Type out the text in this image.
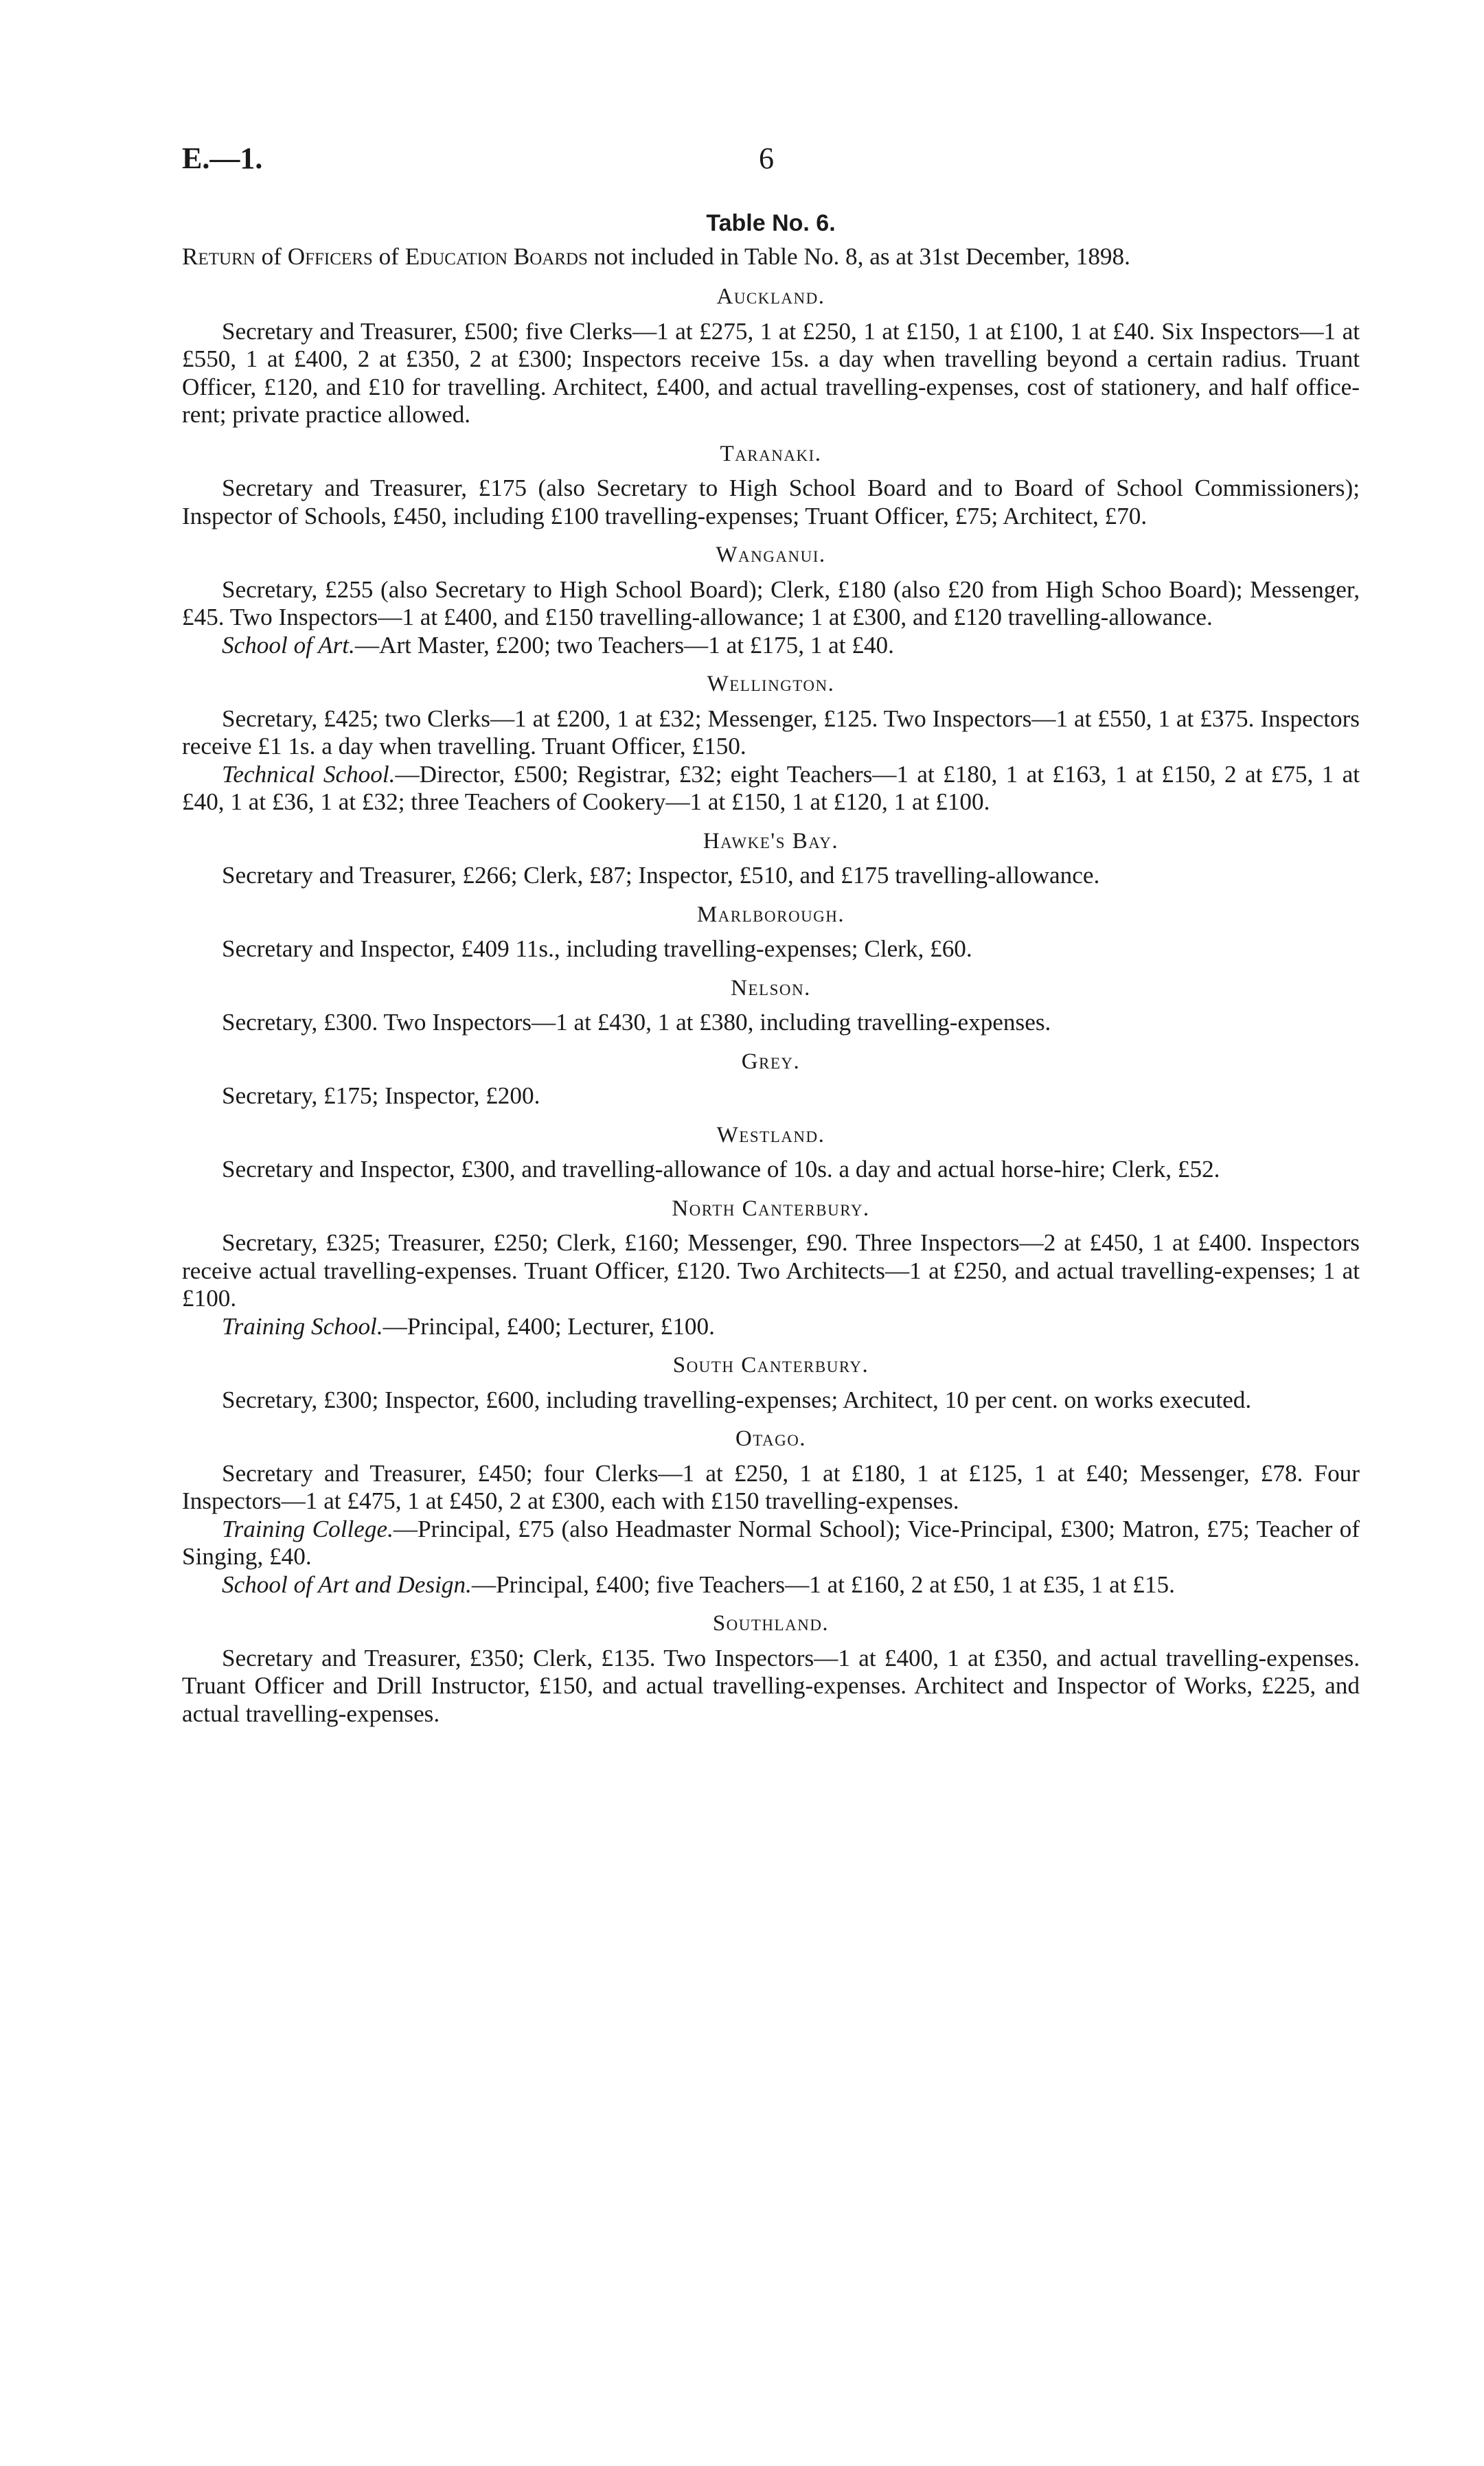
E.—1.	6
Table No. 6.
Return of Officers of Education Boards not included in Table No. 8, as at 31st December, 1898.
Auckland.

Secretary and Treasurer, £500; five Clerks—1 at £275, 1 at £250, 1 at £150, 1 at £100, 1 at £40. Six Inspectors—1 at £550, 1 at £400, 2 at £350, 2 at £300; Inspectors receive 15s. a day when travelling beyond a certain radius. Truant Officer, £120, and £10 for travelling. Architect, £400, and actual travelling-expenses, cost of stationery, and half office-rent; private practice allowed.

Taranaki.

Secretary and Treasurer, £175 (also Secretary to High School Board and to Board of School Commissioners); Inspector of Schools, £450, including £100 travelling-expenses; Truant Officer, £75; Architect, £70.

Wanganui.

Secretary, £255 (also Secretary to High School Board); Clerk, £180 (also £20 from High Schoo Board); Messenger, £45. Two Inspectors—1 at £400, and £150 travelling-allowance; 1 at £300, and £120 travelling-allowance.

School of Art.—Art Master, £200; two Teachers—1 at £175, 1 at £40.

Wellington.

Secretary, £425; two Clerks—1 at £200, 1 at £32; Messenger, £125. Two Inspectors—1 at £550, 1 at £375. Inspectors receive £1 1s. a day when travelling. Truant Officer, £150.

Technical School.—Director, £500; Registrar, £32; eight Teachers—1 at £180, 1 at £163, 1 at £150, 2 at £75, 1 at £40, 1 at £36, 1 at £32; three Teachers of Cookery—1 at £150, 1 at £120, 1 at £100.

Hawke's Bay.

Secretary and Treasurer, £266; Clerk, £87; Inspector, £510, and £175 travelling-allowance.

Marlborough.

Secretary and Inspector, £409 11s., including travelling-expenses; Clerk, £60.

Nelson.

Secretary, £300. Two Inspectors—1 at £430, 1 at £380, including travelling-expenses.

Grey.

Secretary, £175; Inspector, £200.

Westland.

Secretary and Inspector, £300, and travelling-allowance of 10s. a day and actual horse-hire; Clerk, £52.

North Canterbury.

Secretary, £325; Treasurer, £250; Clerk, £160; Messenger, £90. Three Inspectors—2 at £450, 1 at £400. Inspectors receive actual travelling-expenses. Truant Officer, £120. Two Architects—1 at £250, and actual travelling-expenses; 1 at £100.

Training School.—Principal, £400; Lecturer, £100.

South Canterbury.

Secretary, £300; Inspector, £600, including travelling-expenses; Architect, 10 per cent. on works executed.

Otago.

Secretary and Treasurer, £450; four Clerks—1 at £250, 1 at £180, 1 at £125, 1 at £40; Messenger, £78. Four Inspectors—1 at £475, 1 at £450, 2 at £300, each with £150 travelling-expenses.

Training College.—Principal, £75 (also Headmaster Normal School); Vice-Principal, £300; Matron, £75; Teacher of Singing, £40.

School of Art and Design.—Principal, £400; five Teachers—1 at £160, 2 at £50, 1 at £35, 1 at £15.

Southland.

Secretary and Treasurer, £350; Clerk, £135. Two Inspectors—1 at £400, 1 at £350, and actual travelling-expenses. Truant Officer and Drill Instructor, £150, and actual travelling-expenses. Architect and Inspector of Works, £225, and actual travelling-expenses.
